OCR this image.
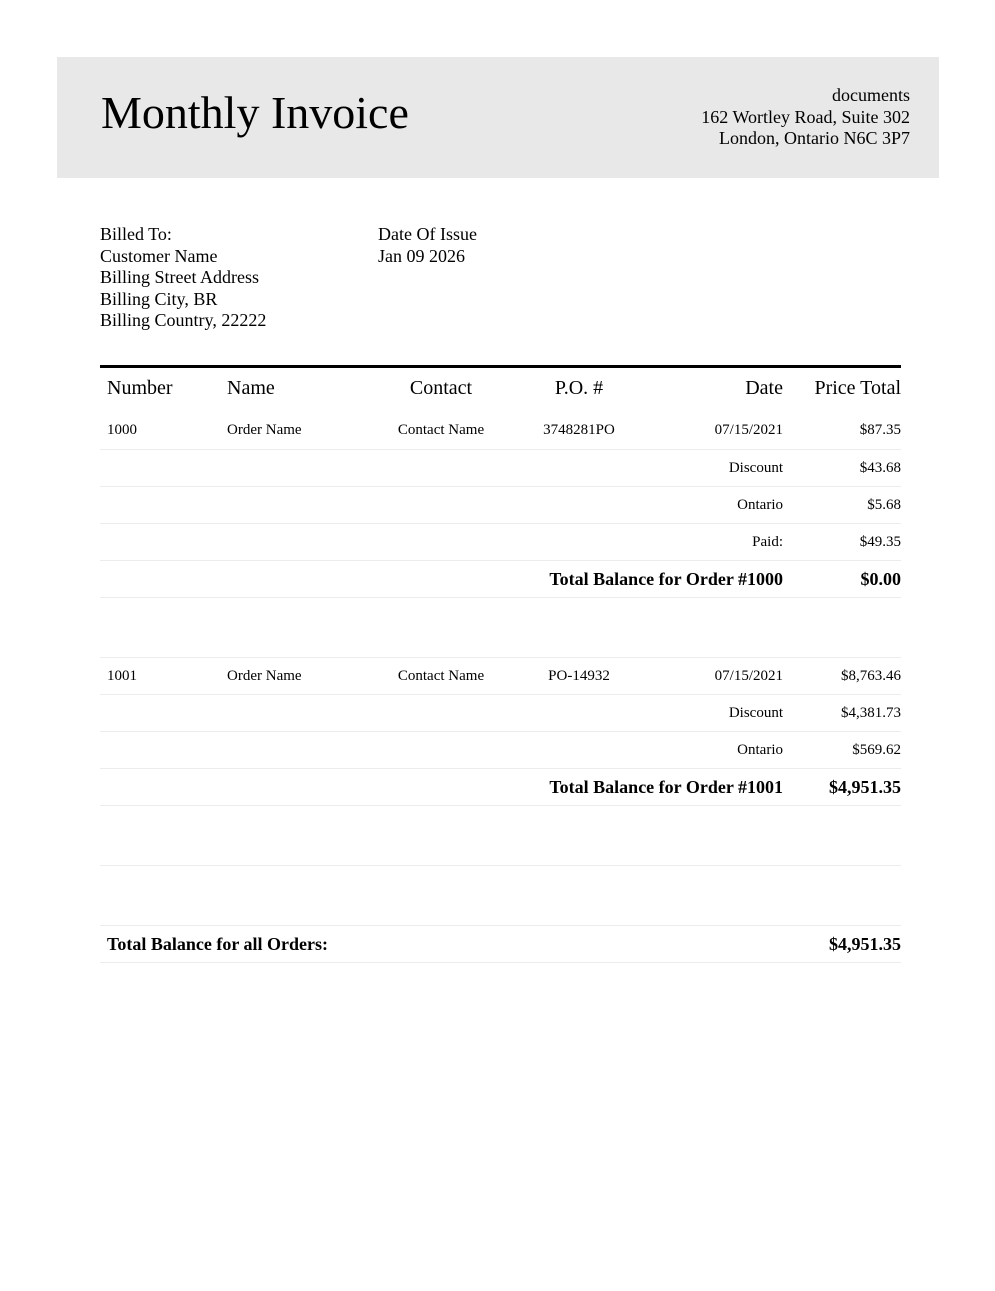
Monthly Invoice	documents
162 Wortley Road, Suite 302
London, Ontario N6C 3P7
Billed To:
Customer Name
Billing Street Address
Billing City, BR
Billing Country, 22222
Date Of Issue
Jan 09 2026
Number	Name	Contact	P.O. #	Date	Price Total
1000	Order Name	Contact Name	3748281PO	07/15/2021	$87.35
				Discount	$43.68
				Ontario	$5.68
				Paid:	$49.35
Total Balance for Order #1000					$0.00

1001	Order Name	Contact Name	PO-14932	07/15/2021	$8,763.46
				Discount	$4,381.73
				Ontario	$569.62
Total Balance for Order #1001					$4,951.35

Total Balance for all Orders:					$4,951.35
